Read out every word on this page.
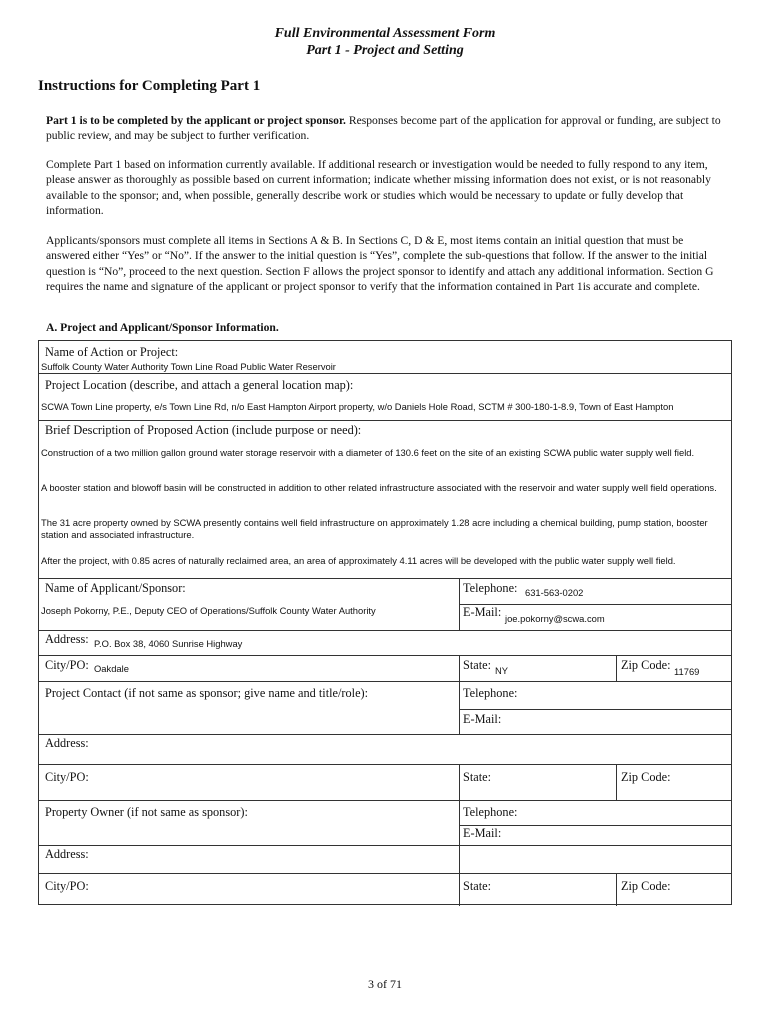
Full Environmental Assessment Form
Part 1 - Project and Setting
Instructions for Completing Part 1
Part 1 is to be completed by the applicant or project sponsor. Responses become part of the application for approval or funding, are subject to public review, and may be subject to further verification.
Complete Part 1 based on information currently available. If additional research or investigation would be needed to fully respond to any item, please answer as thoroughly as possible based on current information; indicate whether missing information does not exist, or is not reasonably available to the sponsor; and, when possible, generally describe work or studies which would be necessary to update or fully develop that information.
Applicants/sponsors must complete all items in Sections A & B. In Sections C, D & E, most items contain an initial question that must be answered either “Yes” or “No”. If the answer to the initial question is “Yes”, complete the sub-questions that follow. If the answer to the initial question is “No”, proceed to the next question. Section F allows the project sponsor to identify and attach any additional information. Section G requires the name and signature of the applicant or project sponsor to verify that the information contained in Part 1is accurate and complete.
A. Project and Applicant/Sponsor Information.
Name of Action or Project:
Suffolk County Water Authority Town Line Road Public Water Reservoir
Project Location (describe, and attach a general location map):
SCWA Town Line property, e/s Town Line Rd, n/o East Hampton Airport property, w/o Daniels Hole Road, SCTM # 300-180-1-8.9, Town of East Hampton
Brief Description of Proposed Action (include purpose or need):
Construction of a two million gallon ground water storage reservoir with a diameter of 130.6 feet on the site of an existing SCWA public water supply well field.
A booster station and blowoff basin will be constructed in addition to other related infrastructure associated with the reservoir and water supply well field operations.
The 31 acre property owned by SCWA presently contains well field infrastructure on approximately 1.28 acre including a chemical building, pump station, booster station and associated infrastructure.
After the project, with 0.85 acres of naturally reclaimed area, an area of approximately 4.11 acres will be developed with the public water supply well field.
Name of Applicant/Sponsor:
Joseph Pokorny, P.E., Deputy CEO of Operations/Suffolk County Water Authority
Telephone: 631-563-0202
E-Mail: joe.pokorny@scwa.com
Address: P.O. Box 38, 4060 Sunrise Highway
City/PO: Oakdale	State: NY	Zip Code: 11769
Project Contact (if not same as sponsor; give name and title/role):	Telephone:
E-Mail:
Address:
City/PO:	State:	Zip Code:
Property Owner (if not same as sponsor):	Telephone:
E-Mail:
Address:
City/PO:	State:	Zip Code:
3 of 71
